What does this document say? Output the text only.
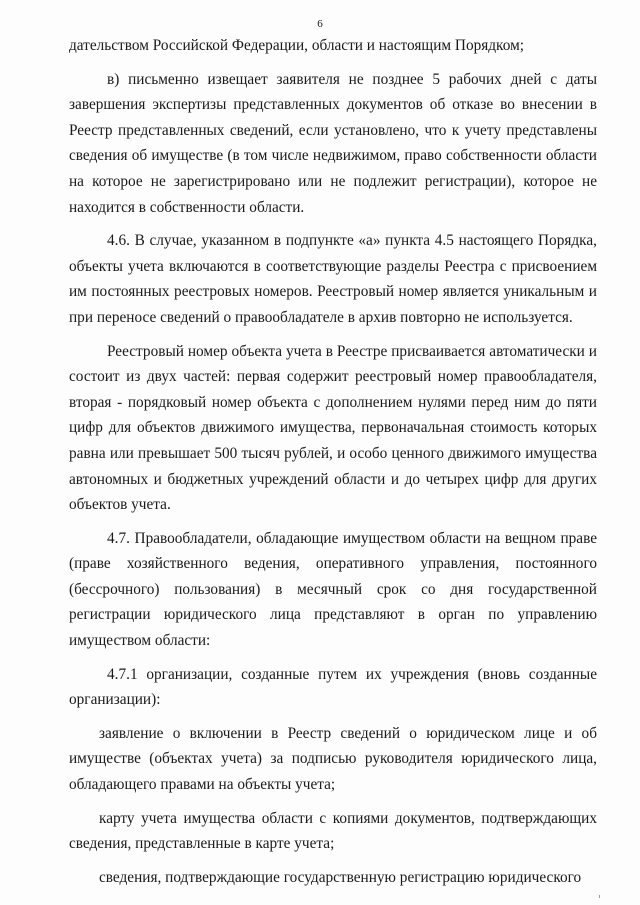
6

дательством Российской Федерации, области и настоящим Порядком;

в) письменно извещает заявителя не позднее 5 рабочих дней с даты завершения экспертизы представленных документов об отказе во внесении в Реестр представленных сведений, если установлено, что к учету представлены сведения об имуществе (в том числе недвижимом, право собственности области на которое не зарегистрировано или не подлежит регистрации), которое не находится в собственности области.

4.6. В случае, указанном в подпункте «а» пункта 4.5 настоящего Порядка, объекты учета включаются в соответствующие разделы Реестра с присвоением им постоянных реестровых номеров. Реестровый номер является уникальным и при переносе сведений о правообладателе в архив повторно не используется.

Реестровый номер объекта учета в Реестре присваивается автоматически и состоит из двух частей: первая содержит реестровый номер правообладателя, вторая - порядковый номер объекта с дополнением нулями перед ним до пяти цифр для объектов движимого имущества, первоначальная стоимость которых равна или превышает 500 тысяч рублей, и особо ценного движимого имущества автономных и бюджетных учреждений области и до четырех цифр для других объектов учета.

4.7. Правообладатели, обладающие имуществом области на вещном праве (праве хозяйственного ведения, оперативного управления, постоянного (бессрочного) пользования) в месячный срок со дня государственной регистрации юридического лица представляют в орган по управлению имуществом области:

4.7.1 организации, созданные путем их учреждения (вновь созданные организации):

заявление о включении в Реестр сведений о юридическом лице и об имуществе (объектах учета) за подписью руководителя юридического лица, обладающего правами на объекты учета;

карту учета имущества области с копиями документов, подтверждающих сведения, представленные в карте учета;

сведения, подтверждающие государственную регистрацию юридического
